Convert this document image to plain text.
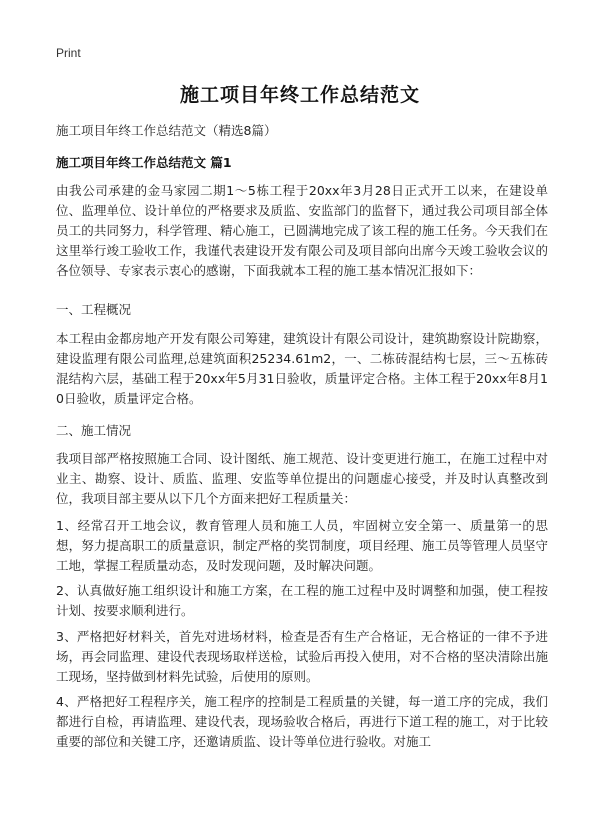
Print
施工项目年终工作总结范文
施工项目年终工作总结范文（精选8篇）
施工项目年终工作总结范文 篇1

由我公司承建的金马家园二期1～5栋工程于20xx年3月28日正式开工以来，在建设单位、监理单位、设计单位的严格要求及质监、安监部门的监督下，通过我公司项目部全体员工的共同努力，科学管理、精心施工，已圆满地完成了该工程的施工任务。今天我们在这里举行竣工验收工作，我谨代表建设开发有限公司及项目部向出席今天竣工验收会议的各位领导、专家表示衷心的感谢，下面我就本工程的施工基本情况汇报如下：

一、工程概况

本工程由金都房地产开发有限公司筹建，建筑设计有限公司设计，建筑勘察设计院勘察，建设监理有限公司监理,总建筑面积25234.61m2，一、二栋砖混结构七层，三～五栋砖混结构六层，基础工程于20xx年5月31日验收，质量评定合格。主体工程于20xx年8月10日验收，质量评定合格。

二、施工情况

我项目部严格按照施工合同、设计图纸、施工规范、设计变更进行施工，在施工过程中对业主、勘察、设计、质监、监理、安监等单位提出的问题虚心接受，并及时认真整改到位，我项目部主要从以下几个方面来把好工程质量关：

1、经常召开工地会议，教育管理人员和施工人员，牢固树立安全第一、质量第一的思想，努力提高职工的质量意识，制定严格的奖罚制度，项目经理、施工员等管理人员坚守工地，掌握工程质量动态，及时发现问题，及时解决问题。

2、认真做好施工组织设计和施工方案，在工程的施工过程中及时调整和加强，使工程按计划、按要求顺利进行。

3、严格把好材料关，首先对进场材料，检查是否有生产合格证，无合格证的一律不予进场，再会同监理、建设代表现场取样送检，试验后再投入使用，对不合格的坚决清除出施工现场，坚持做到材料先试验，后使用的原则。

4、严格把好工程程序关，施工程序的控制是工程质量的关键，每一道工序的完成，我们都进行自检，再请监理、建设代表，现场验收合格后，再进行下道工程的施工，对于比较重要的部位和关键工序，还邀请质监、设计等单位进行验收。对施工
